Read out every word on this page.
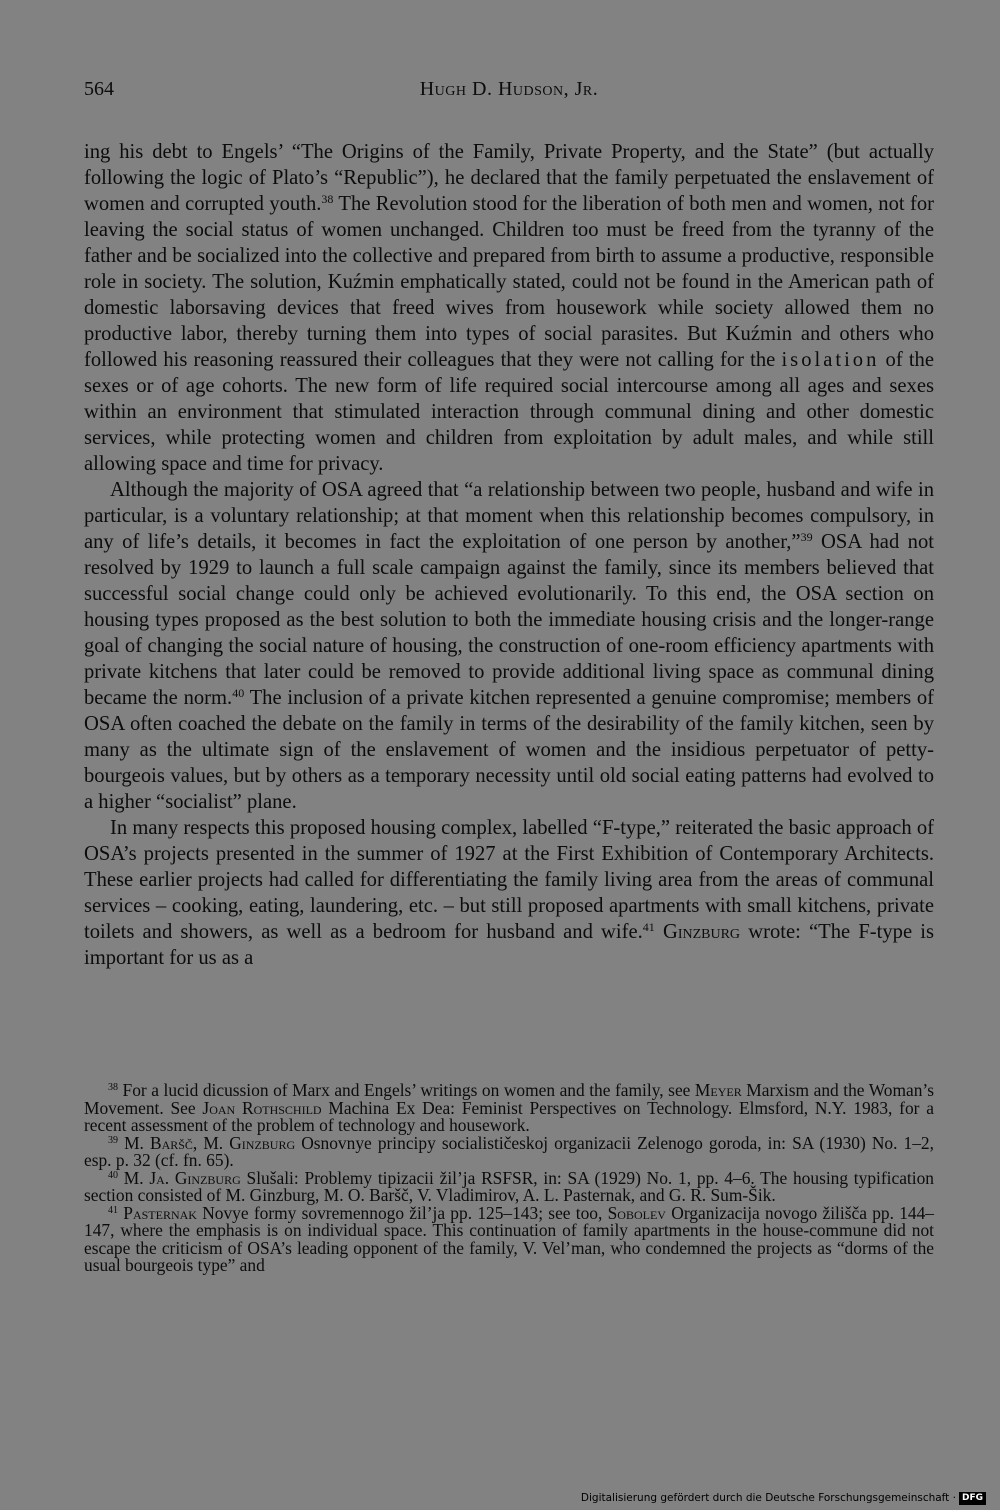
564	Hugh D. Hudson, Jr.

ing his debt to Engels’ “The Origins of the Family, Private Property, and the State” (but actually following the logic of Plato’s “Republic”), he declared that the family perpetuated the enslavement of women and corrupted youth.$^{38}$ The Revolution stood for the liberation of both men and women, not for leaving the social status of women unchanged. Children too must be freed from the tyranny of the father and be socialized into the collective and prepared from birth to assume a productive, responsible role in society. The solution, Kuźmin emphatically stated, could not be found in the American path of domestic laborsaving devices that freed wives from housework while society allowed them no productive labor, thereby turning them into types of social parasites. But Kuźmin and others who followed his reasoning reassured their colleagues that they were not calling for the isolation of the sexes or of age cohorts. The new form of life required social intercourse among all ages and sexes within an environment that stimulated interaction through communal dining and other domestic services, while protecting women and children from exploitation by adult males, and while still allowing space and time for privacy.

Although the majority of OSA agreed that “a relationship between two people, husband and wife in particular, is a voluntary relationship; at that moment when this relationship becomes compulsory, in any of life’s details, it becomes in fact the exploitation of one person by another,”$^{39}$ OSA had not resolved by 1929 to launch a full scale campaign against the family, since its members believed that successful social change could only be achieved evolutionarily. To this end, the OSA section on housing types proposed as the best solution to both the immediate housing crisis and the longer-range goal of changing the social nature of housing, the construction of one-room efficiency apartments with private kitchens that later could be removed to provide additional living space as communal dining became the norm.$^{40}$ The inclusion of a private kitchen represented a genuine compromise; members of OSA often coached the debate on the family in terms of the desirability of the family kitchen, seen by many as the ultimate sign of the enslavement of women and the insidious perpetuator of petty-bourgeois values, but by others as a temporary necessity until old social eating patterns had evolved to a higher “socialist” plane.

In many respects this proposed housing complex, labelled “F-type,” reiterated the basic approach of OSA’s projects presented in the summer of 1927 at the First Exhibition of Contemporary Architects. These earlier projects had called for differentiating the family living area from the areas of communal services – cooking, eating, laundering, etc. – but still proposed apartments with small kitchens, private toilets and showers, as well as a bedroom for husband and wife.$^{41}$ Ginzburg wrote: “The F-type is important for us as a

$^{38}$ For a lucid dicussion of Marx and Engels’ writings on women and the family, see Meyer Marxism and the Woman’s Movement. See Joan Rothschild Machina Ex Dea: Feminist Perspectives on Technology. Elmsford, N.Y. 1983, for a recent assessment of the problem of technology and housework.

$^{39}$ M. Baršč, M. Ginzburg Osnovnye principy socialističeskoj organizacii Zelenogo goroda, in: SA (1930) No. 1–2, esp. p. 32 (cf. fn. 65).

$^{40}$ M. Ja. Ginzburg Slušali: Problemy tipizacii žil’ja RSFSR, in: SA (1929) No. 1, pp. 4–6. The housing typification section consisted of M. Ginzburg, M. O. Baršč, V. Vladimirov, A. L. Pasternak, and G. R. Sum-Šik.

$^{41}$ Pasternak Novye formy sovremennogo žil’ja pp. 125–143; see too, Sobolev Organizacija novogo žilišča pp. 144–147, where the emphasis is on individual space. This continuation of family apartments in the house-commune did not escape the criticism of OSA’s leading opponent of the family, V. Vel’man, who condemned the projects as “dorms of the usual bourgeois type” and

Digitalisierung gefördert durch die Deutsche Forschungsgemeinschaft · DFG
